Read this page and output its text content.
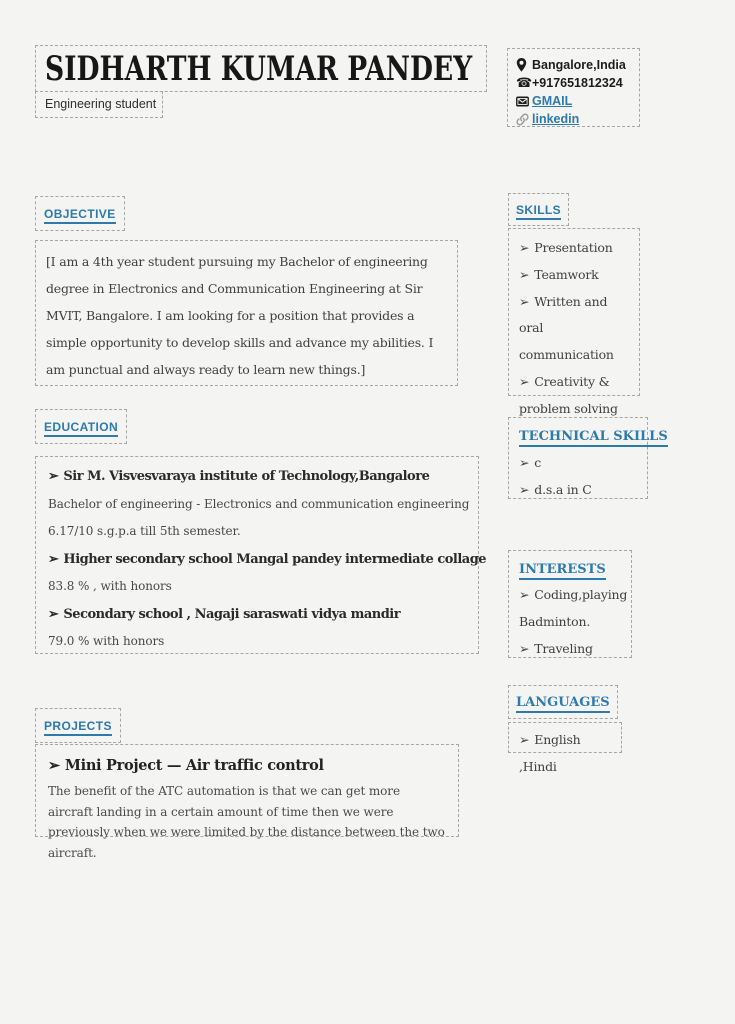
SIDHARTH KUMAR PANDEY
Engineering student
Bangalore,India
☎ +917651812324
GMAIL
linkedin
OBJECTIVE
[I am a 4th year student pursuing my Bachelor of engineering degree in Electronics and Communication Engineering at Sir MVIT, Bangalore. I am looking for a position that provides a simple opportunity to develop skills and advance my abilities. I am punctual and always ready to learn new things.]
EDUCATION
➢ Sir M. Visvesvaraya institute of Technology,Bangalore
Bachelor of engineering - Electronics and communication engineering
6.17/10 s.g.p.a till 5th semester.
➢ Higher secondary school Mangal pandey intermediate collage
83.8 % , with honors
➢ Secondary school , Nagaji saraswati vidya mandir
79.0 % with honors
PROJECTS
➢ Mini Project — Air traffic control
The benefit of the ATC automation is that we can get more aircraft landing in a certain amount of time then we were previously when we were limited by the distance between the two aircraft.
SKILLS
➢ Presentation
➢ Teamwork
➢ Written and oral communication
➢ Creativity & problem solving
TECHNICAL SKILLS
➢ c
➢ d.s.a in C
INTERESTS
➢ Coding,playing Badminton.
➢ Traveling
LANGUAGES
➢ English ,Hindi
